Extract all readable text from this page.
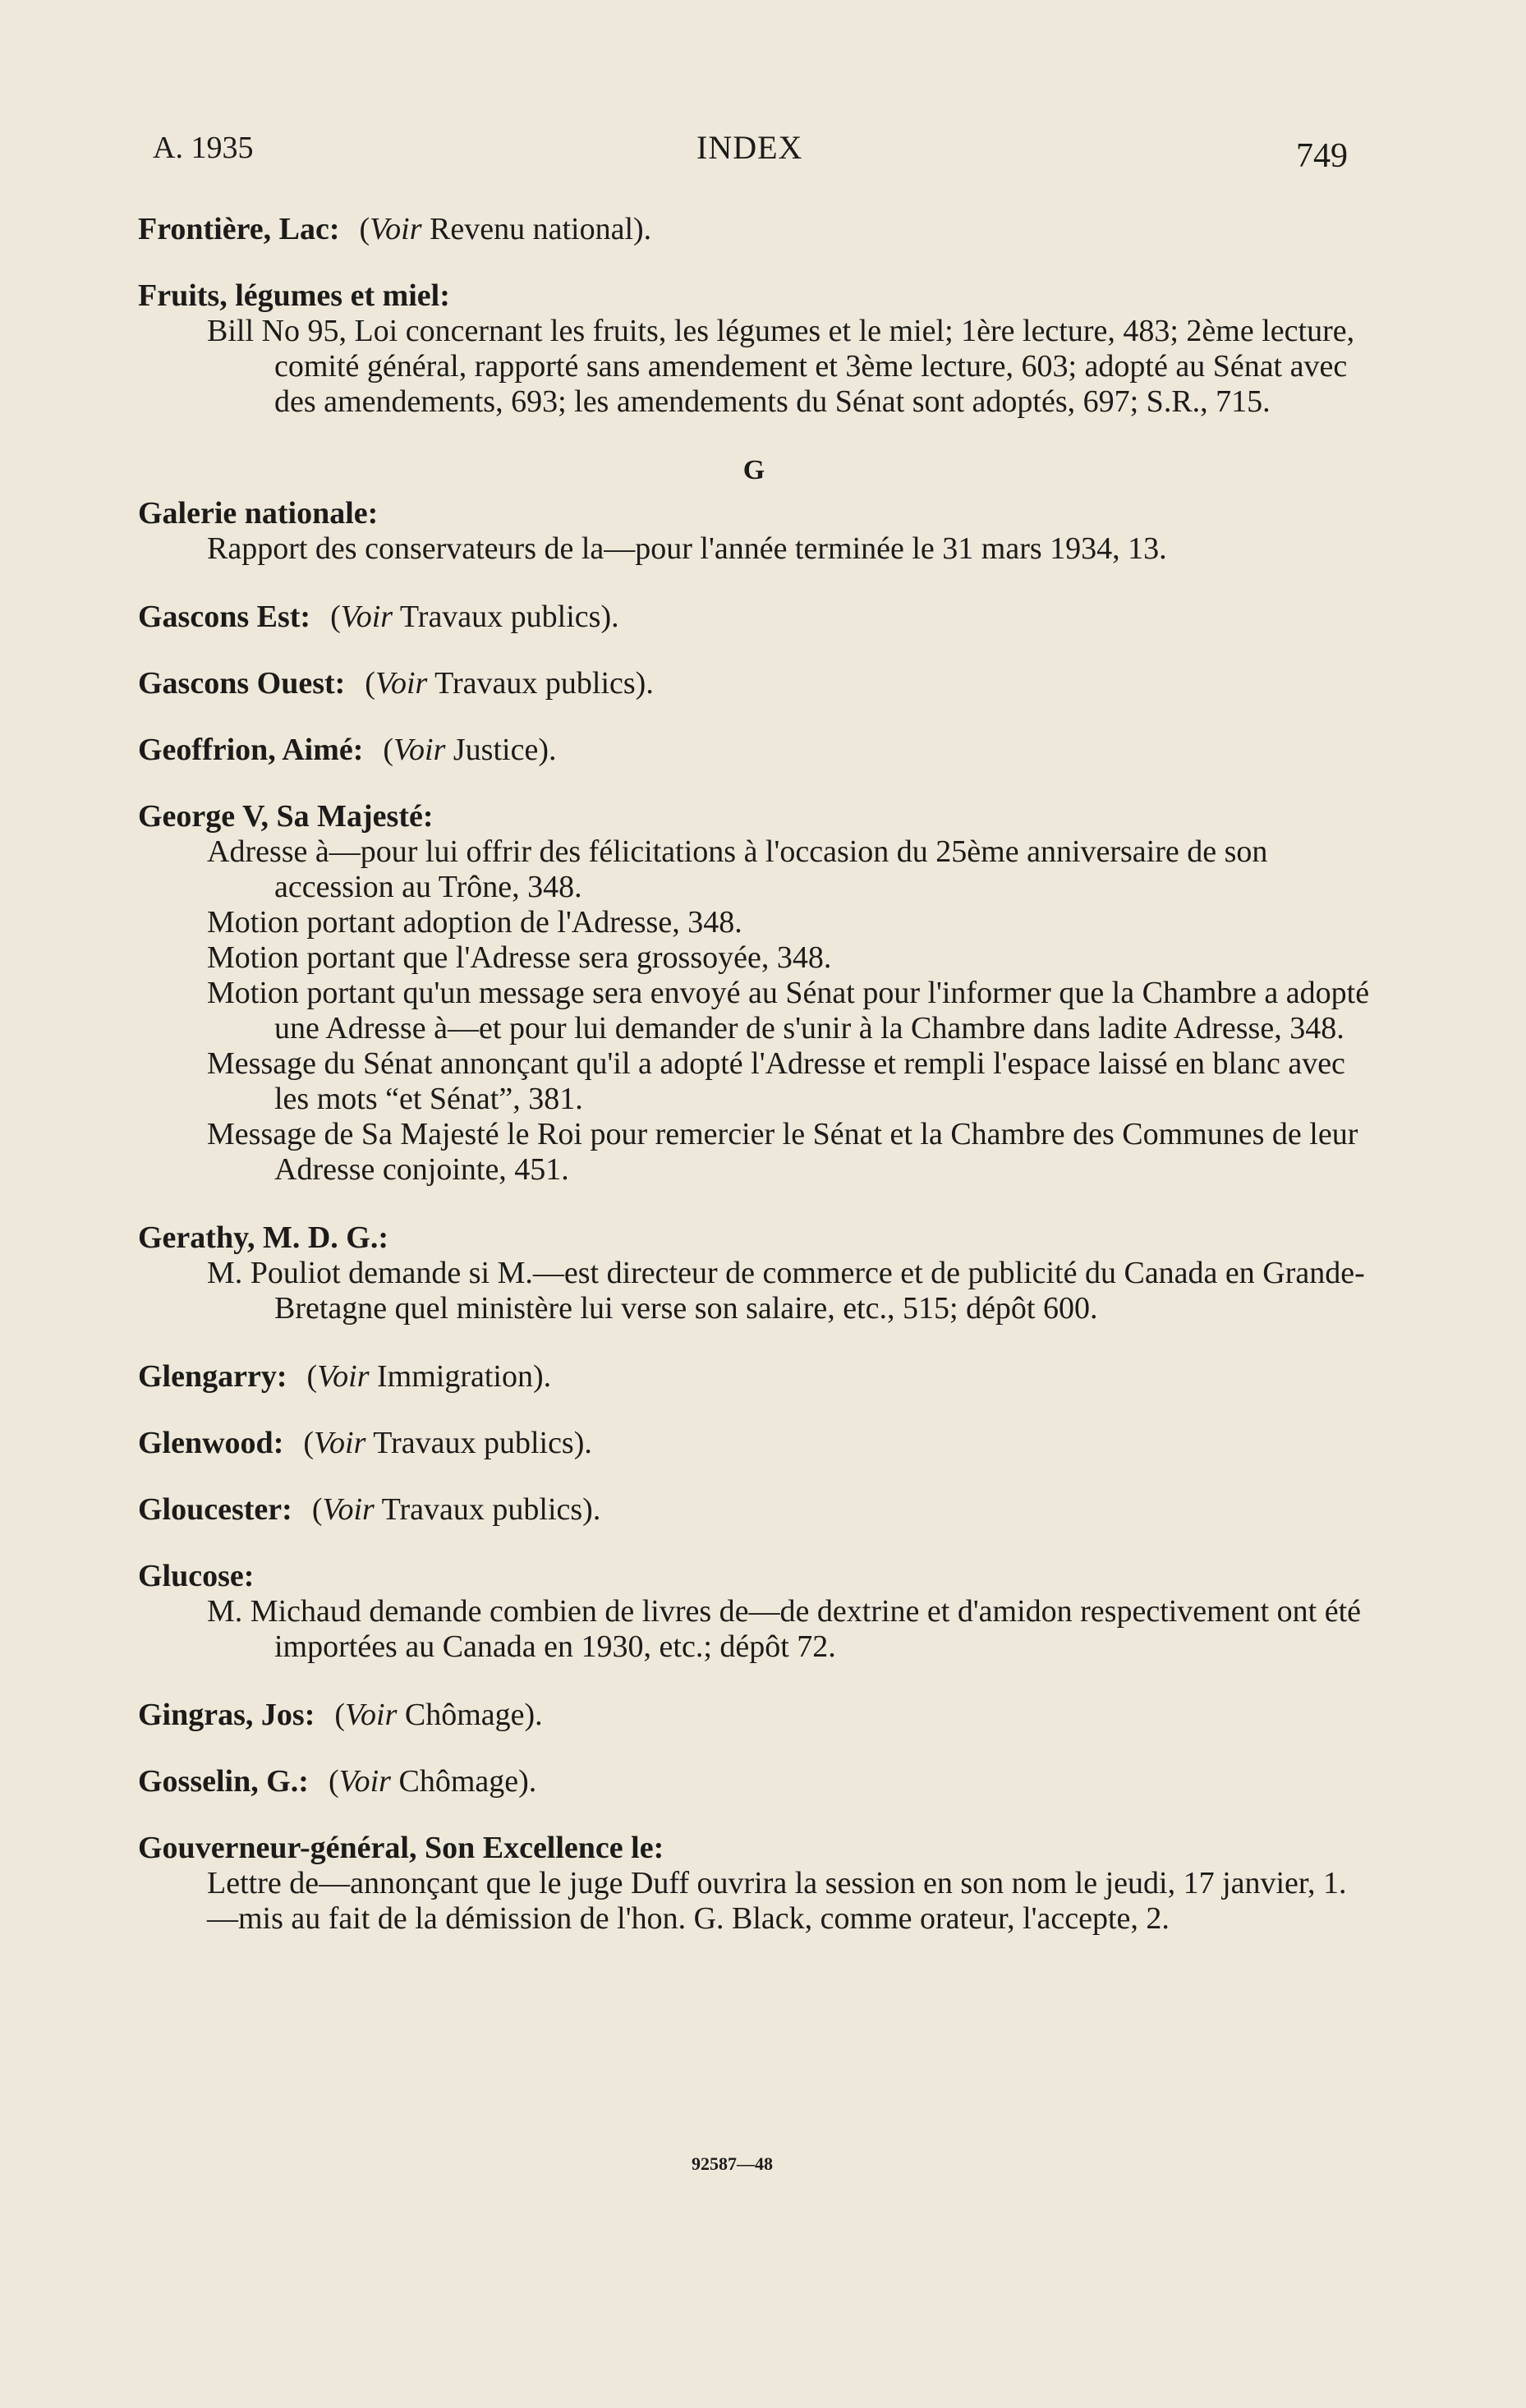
A. 1935	INDEX	749
Frontière, Lac: (Voir Revenu national).
Fruits, légumes et miel:
Bill No 95, Loi concernant les fruits, les légumes et le miel; 1ère lecture, 483; 2ème lecture, comité général, rapporté sans amendement et 3ème lecture, 603; adopté au Sénat avec des amendements, 693; les amendements du Sénat sont adoptés, 697; S.R., 715.
G
Galerie nationale:
Rapport des conservateurs de la—pour l'année terminée le 31 mars 1934, 13.
Gascons Est: (Voir Travaux publics).
Gascons Ouest: (Voir Travaux publics).
Geoffrion, Aimé: (Voir Justice).
George V, Sa Majesté:
Adresse à—pour lui offrir des félicitations à l'occasion du 25ème anniversaire de son accession au Trône, 348.
Motion portant adoption de l'Adresse, 348.
Motion portant que l'Adresse sera grossoyée, 348.
Motion portant qu'un message sera envoyé au Sénat pour l'informer que la Chambre a adopté une Adresse à—et pour lui demander de s'unir à la Chambre dans ladite Adresse, 348.
Message du Sénat annonçant qu'il a adopté l'Adresse et rempli l'espace laissé en blanc avec les mots “et Sénat”, 381.
Message de Sa Majesté le Roi pour remercier le Sénat et la Chambre des Communes de leur Adresse conjointe, 451.
Gerathy, M. D. G.:
M. Pouliot demande si M.—est directeur de commerce et de publicité du Canada en Grande-Bretagne quel ministère lui verse son salaire, etc., 515; dépôt 600.
Glengarry: (Voir Immigration).
Glenwood: (Voir Travaux publics).
Gloucester: (Voir Travaux publics).
Glucose:
M. Michaud demande combien de livres de—de dextrine et d'amidon respectivement ont été importées au Canada en 1930, etc.; dépôt 72.
Gingras, Jos: (Voir Chômage).
Gosselin, G.: (Voir Chômage).
Gouverneur-général, Son Excellence le:
Lettre de—annonçant que le juge Duff ouvrira la session en son nom le jeudi, 17 janvier, 1.
—mis au fait de la démission de l'hon. G. Black, comme orateur, l'accepte, 2.
92587—48
